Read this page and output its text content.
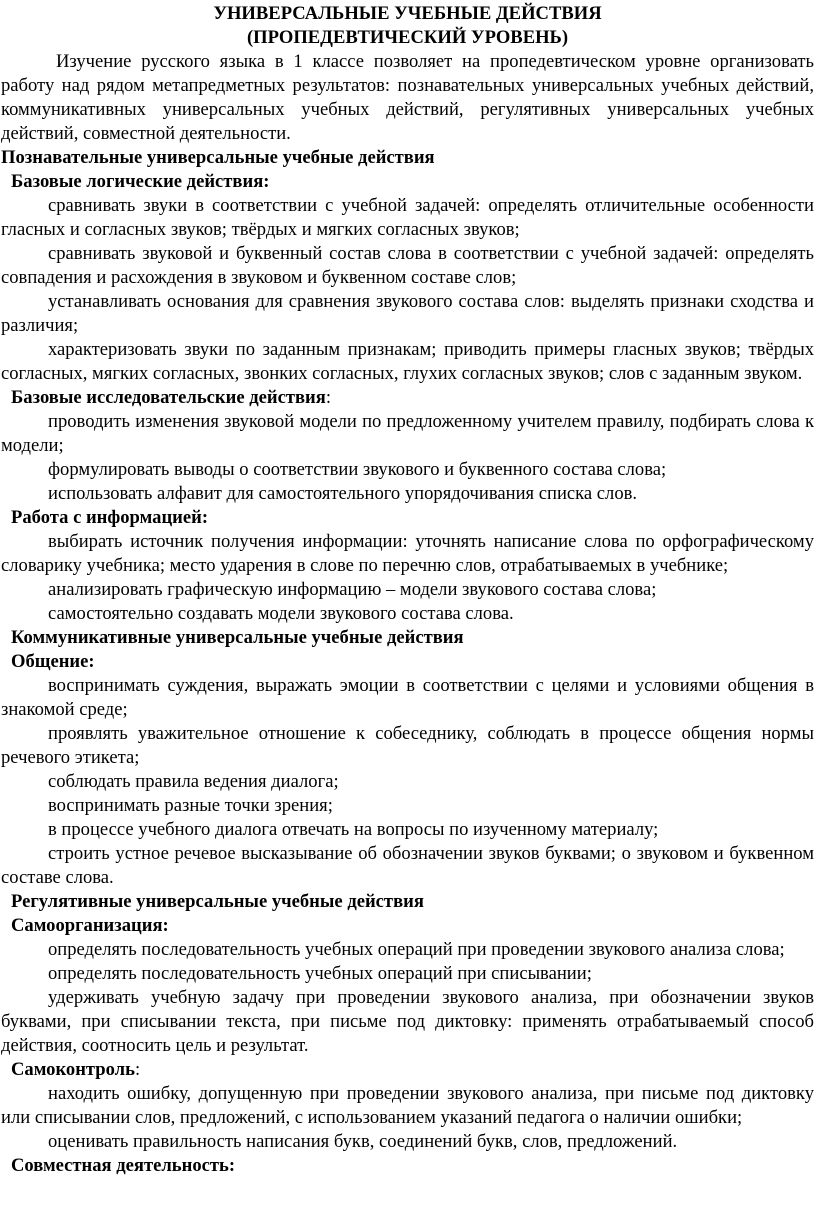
УНИВЕРСАЛЬНЫЕ УЧЕБНЫЕ ДЕЙСТВИЯ

(ПРОПЕДЕВТИЧЕСКИЙ УРОВЕНЬ)

Изучение русского языка в 1 классе позволяет на пропедевтическом уровне организовать работу над рядом метапредметных результатов: познавательных универсальных учебных действий, коммуникативных универсальных учебных действий, регулятивных универсальных учебных действий, совместной деятельности.

Познавательные универсальные учебные действия

Базовые логические действия:

сравнивать звуки в соответствии с учебной задачей: определять отличительные особенности гласных и согласных звуков; твёрдых и мягких согласных звуков;

сравнивать звуковой и буквенный состав слова в соответствии с учебной задачей: определять совпадения и расхождения в звуковом и буквенном составе слов;

устанавливать основания для сравнения звукового состава слов: выделять признаки сходства и различия;

характеризовать звуки по заданным признакам; приводить примеры гласных звуков; твёрдых согласных, мягких согласных, звонких согласных, глухих согласных звуков; слов с заданным звуком.

Базовые исследовательские действия:

проводить изменения звуковой модели по предложенному учителем правилу, подбирать слова к модели;

формулировать выводы о соответствии звукового и буквенного состава слова;

использовать алфавит для самостоятельного упорядочивания списка слов.

Работа с информацией:

выбирать источник получения информации: уточнять написание слова по орфографическому словарику учебника; место ударения в слове по перечню слов, отрабатываемых в учебнике;

анализировать графическую информацию – модели звукового состава слова;

самостоятельно создавать модели звукового состава слова.

Коммуникативные универсальные учебные действия

Общение:

воспринимать суждения, выражать эмоции в соответствии с целями и условиями общения в знакомой среде;

проявлять уважительное отношение к собеседнику, соблюдать в процессе общения нормы речевого этикета;

соблюдать правила ведения диалога;

воспринимать разные точки зрения;

в процессе учебного диалога отвечать на вопросы по изученному материалу;

строить устное речевое высказывание об обозначении звуков буквами; о звуковом и буквенном составе слова.

Регулятивные универсальные учебные действия

Самоорганизация:

определять последовательность учебных операций при проведении звукового анализа слова;

определять последовательность учебных операций при списывании;

удерживать учебную задачу при проведении звукового анализа, при обозначении звуков буквами, при списывании текста, при письме под диктовку: применять отрабатываемый способ действия, соотносить цель и результат.

Самоконтроль:

находить ошибку, допущенную при проведении звукового анализа, при письме под диктовку или списывании слов, предложений, с использованием указаний педагога о наличии ошибки;

оценивать правильность написания букв, соединений букв, слов, предложений.

Совместная деятельность:
